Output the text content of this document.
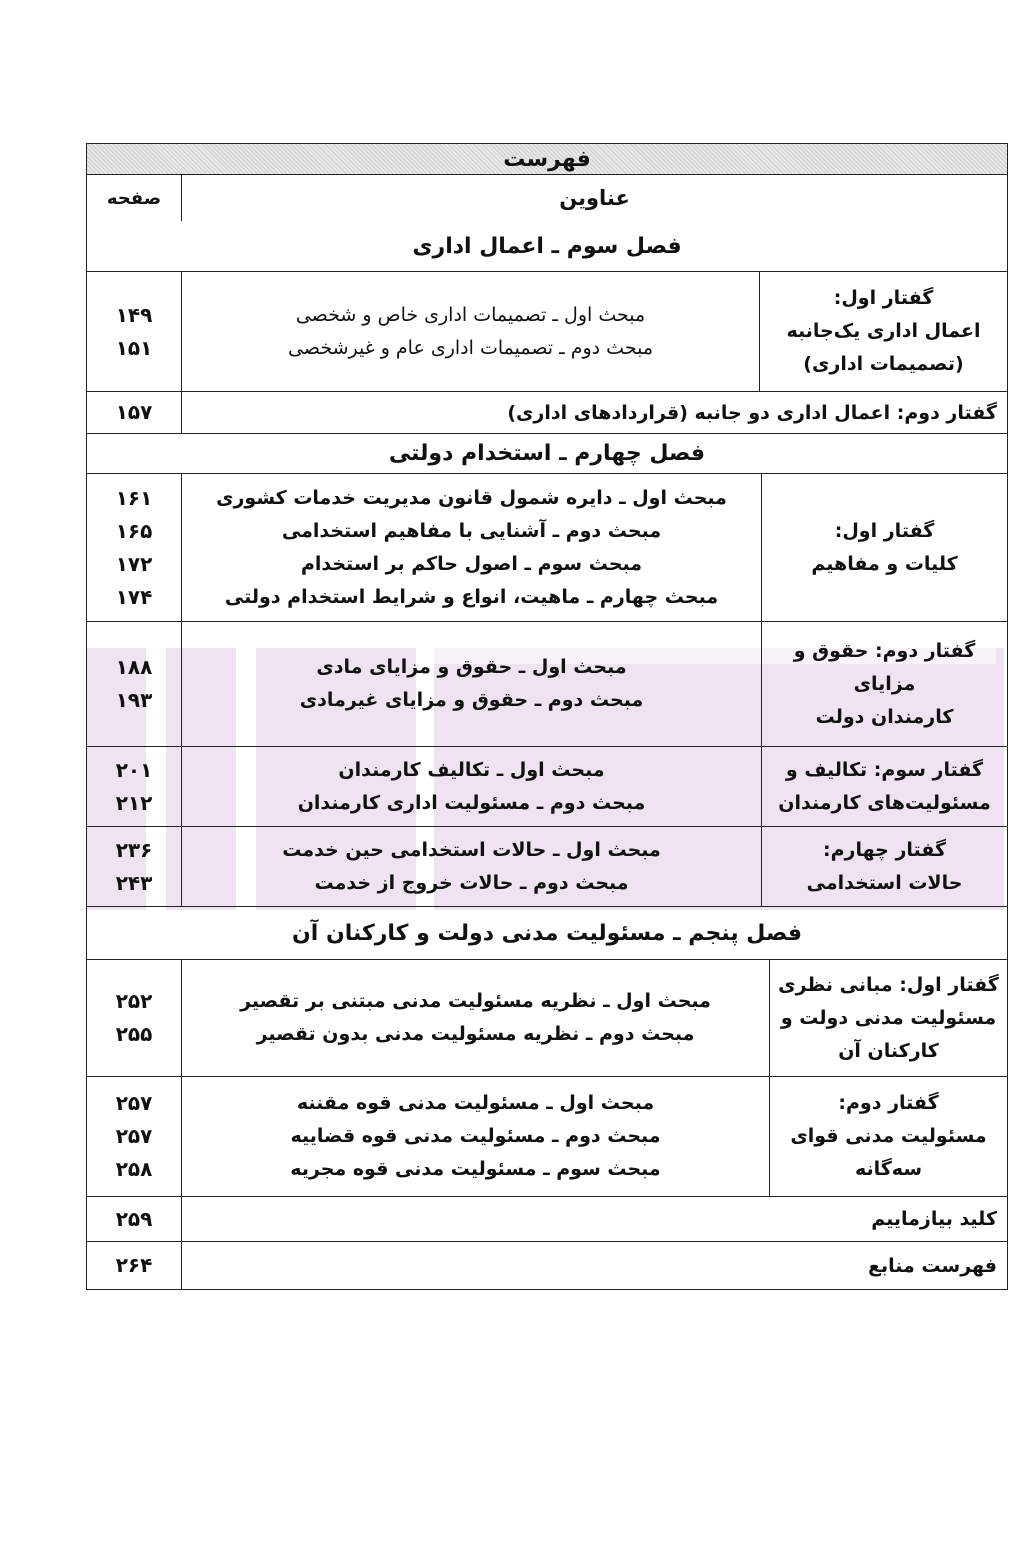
فهرست
عناوین
صفحه
فصل سوم ـ اعمال اداری
گفتار اول:
اعمال اداری یک‌جانبه
(تصمیمات اداری)
مبحث اول ـ تصمیمات اداری خاص و شخصی
مبحث دوم ـ تصمیمات اداری عام و غیرشخصی
۱۴۹
۱۵۱
گفتار دوم: اعمال اداری دو جانبه (قراردادهای اداری)
۱۵۷
فصل چهارم ـ استخدام دولتی
گفتار اول:
کلیات و مفاهیم
مبحث اول ـ دایره شمول قانون مدیریت خدمات کشوری
مبحث دوم ـ آشنایی با مفاهیم استخدامی
مبحث سوم ـ اصول حاکم بر استخدام
مبحث چهارم ـ ماهیت، انواع و شرایط استخدام دولتی
۱۶۱
۱۶۵
۱۷۲
۱۷۴
گفتار دوم: حقوق و
مزایای
کارمندان دولت
مبحث اول ـ حقوق و مزایای مادی
مبحث دوم ـ حقوق و مزایای غیرمادی
۱۸۸
۱۹۳
گفتار سوم: تکالیف و
مسئولیت‌های کارمندان
مبحث اول ـ تکالیف کارمندان
مبحث دوم ـ مسئولیت اداری کارمندان
۲۰۱
۲۱۲
گفتار چهارم:
حالات استخدامی
مبحث اول ـ حالات استخدامی حین خدمت
مبحث دوم ـ حالات خروج از خدمت
۲۳۶
۲۴۳
فصل پنجم ـ مسئولیت مدنی دولت و کارکنان آن
گفتار اول: مبانی نظری
مسئولیت مدنی دولت و
کارکنان آن
مبحث اول ـ نظریه مسئولیت مدنی مبتنی بر تقصیر
مبحث دوم ـ نظریه مسئولیت مدنی بدون تقصیر
۲۵۲
۲۵۵
گفتار دوم:
مسئولیت مدنی قوای
سه‌گانه
مبحث اول ـ مسئولیت مدنی قوه مقننه
مبحث دوم ـ مسئولیت مدنی قوه قضاییه
مبحث سوم ـ مسئولیت مدنی قوه مجریه
۲۵۷
۲۵۷
۲۵۸
کلید بیازماییم
۲۵۹
فهرست منابع
۲۶۴
